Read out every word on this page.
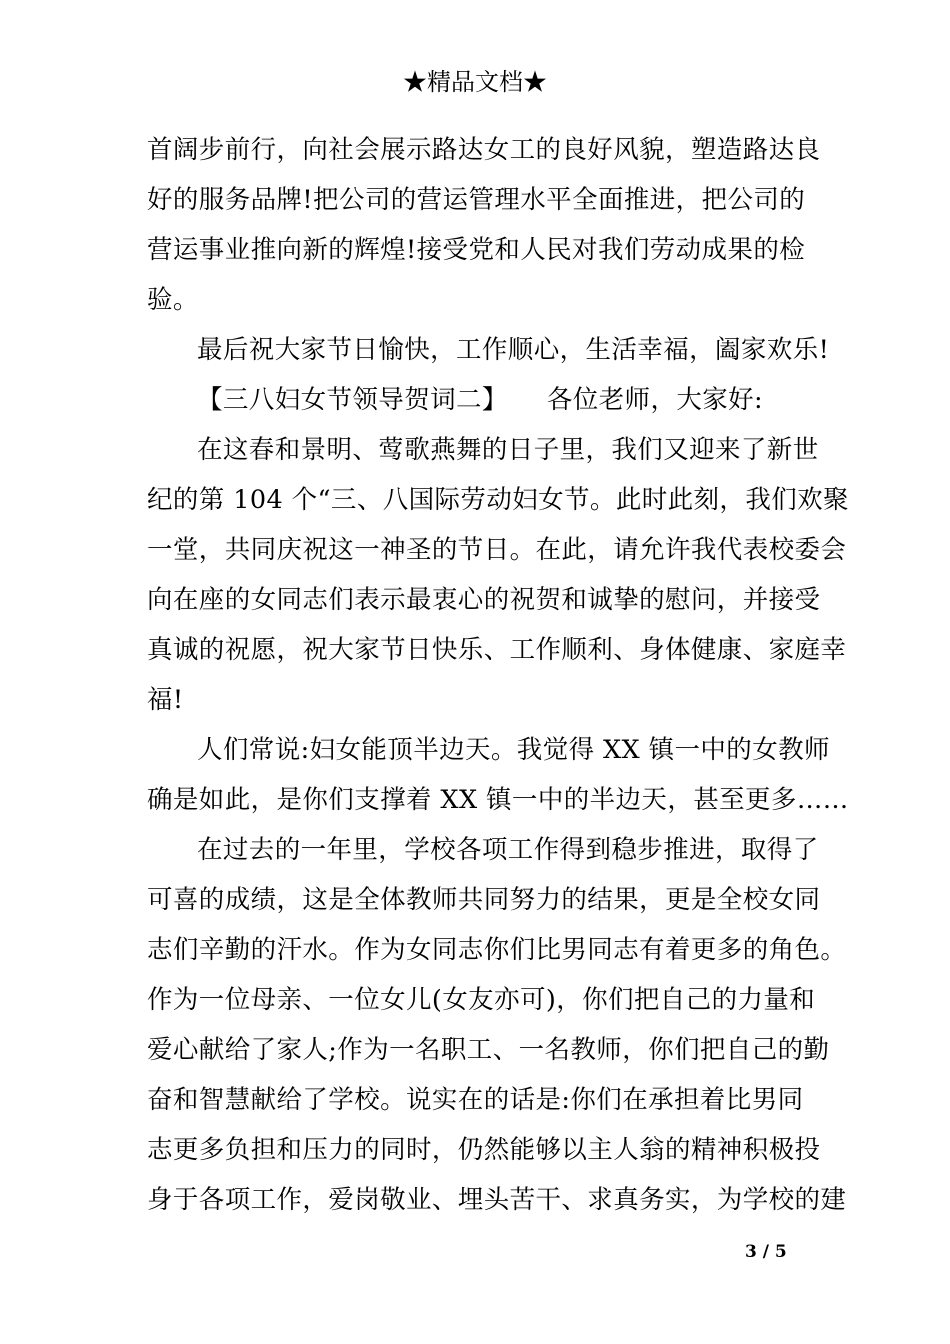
★精品文档★
首阔步前行，向社会展示路达女工的良好风貌，塑造路达良
好的服务品牌!把公司的营运管理水平全面推进，把公司的
营运事业推向新的辉煌!接受党和人民对我们劳动成果的检
验。
最后祝大家节日愉快，工作顺心，生活幸福，阖家欢乐!
【三八妇女节领导贺词二】　　各位老师，大家好:
在这春和景明、莺歌燕舞的日子里，我们又迎来了新世
纪的第 104 个“三、八国际劳动妇女节。此时此刻，我们欢聚
一堂，共同庆祝这一神圣的节日。在此，请允许我代表校委会
向在座的女同志们表示最衷心的祝贺和诚挚的慰问，并接受
真诚的祝愿，祝大家节日快乐、工作顺利、身体健康、家庭幸
福!
人们常说:妇女能顶半边天。我觉得 XX 镇一中的女教师
确是如此，是你们支撑着 XX 镇一中的半边天，甚至更多……
在过去的一年里，学校各项工作得到稳步推进，取得了
可喜的成绩，这是全体教师共同努力的结果，更是全校女同
志们辛勤的汗水。作为女同志你们比男同志有着更多的角色。
作为一位母亲、一位女儿(女友亦可)，你们把自己的力量和
爱心献给了家人;作为一名职工、一名教师，你们把自己的勤
奋和智慧献给了学校。说实在的话是:你们在承担着比男同
志更多负担和压力的同时，仍然能够以主人翁的精神积极投
身于各项工作，爱岗敬业、埋头苦干、求真务实，为学校的建
3 / 5
